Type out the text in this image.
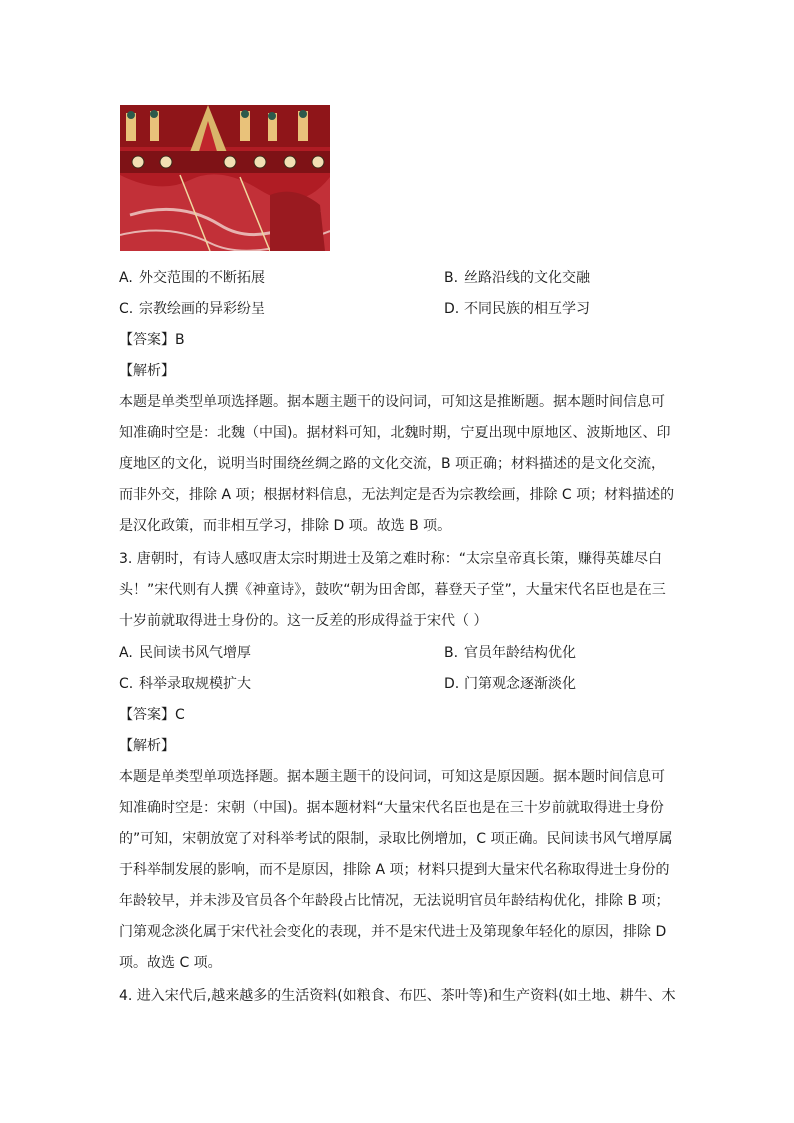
A. 外交范围的不断拓展	B. 丝路沿线的文化交融
C. 宗教绘画的异彩纷呈	D. 不同民族的相互学习
【答案】B
【解析】
本题是单类型单项选择题。据本题主题干的设问词，可知这是推断题。据本题时间信息可
知准确时空是：北魏（中国)。据材料可知，北魏时期，宁夏出现中原地区、波斯地区、印
度地区的文化，说明当时围绕丝绸之路的文化交流，B 项正确；材料描述的是文化交流，
而非外交，排除 A 项；根据材料信息，无法判定是否为宗教绘画，排除 C 项；材料描述的
是汉化政策，而非相互学习，排除 D 项。故选 B 项。
3. 唐朝时，有诗人感叹唐太宗时期进士及第之难时称：“太宗皇帝真长策，赚得英雄尽白
头！”宋代则有人撰《神童诗》，鼓吹“朝为田舍郎，暮登天子堂”，大量宋代名臣也是在三
十岁前就取得进士身份的。这一反差的形成得益于宋代（ ）
A. 民间读书风气增厚	B. 官员年龄结构优化
C. 科举录取规模扩大	D. 门第观念逐渐淡化
【答案】C
【解析】
本题是单类型单项选择题。据本题主题干的设问词，可知这是原因题。据本题时间信息可
知准确时空是：宋朝（中国)。据本题材料“大量宋代名臣也是在三十岁前就取得进士身份
的”可知，宋朝放宽了对科举考试的限制，录取比例增加，C 项正确。民间读书风气增厚属
于科举制发展的影响，而不是原因，排除 A 项；材料只提到大量宋代名称取得进士身份的
年龄较早，并未涉及官员各个年龄段占比情况，无法说明官员年龄结构优化，排除 B 项；
门第观念淡化属于宋代社会变化的表现，并不是宋代进士及第现象年轻化的原因，排除 D
项。故选 C 项。
4. 进入宋代后,越来越多的生活资料(如粮食、布匹、茶叶等)和生产资料(如土地、耕牛、木
